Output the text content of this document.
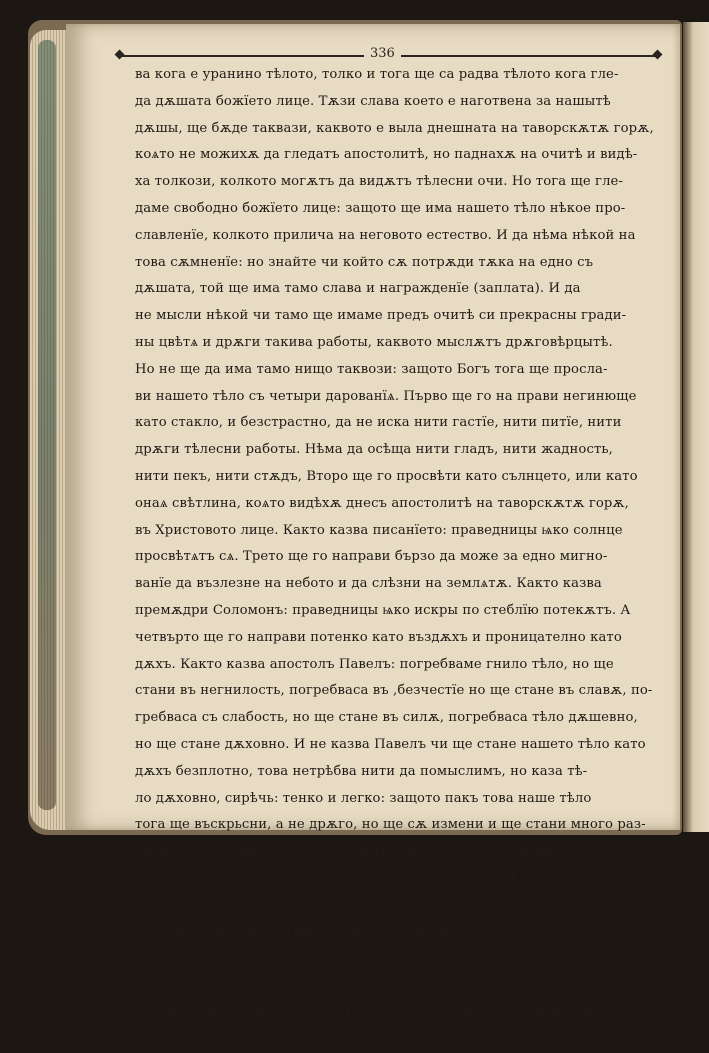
336
ва кога е уранино тѣлото, толко и тога ще са радва тѣлото кога гле-
да дѫшата божїето лице. Тѫзи слава което е наготвена за нашытѣ
дѫшы, ще бѫде таквази, каквото е выла днешната на таворскѫтѫ горѫ,
коѧто не можихѫ да гледатъ апостолитѣ, но паднахѫ на очитѣ и видѣ-
ха толкози, колкото могѫтъ да видѫтъ тѣлесни очи. Но тога ще гле-
даме свободно божїето лице: защото ще има нашето тѣло нѣкое про-
славленїе, колкото прилича на неговото естество. И да нѣма нѣкой на
това сѫмненїе: но знайте чи който сѫ потрѫди тѫка на едно съ
дѫшата, той ще има тамо слава и награжденїе (заплата). И да
не мысли нѣкой чи тамо ще имаме предъ очитѣ си прекрасны гради-
ны цвѣтѧ и дрѫги такива работы, каквото мыслѫтъ дрѫговѣрцытѣ.
Но не ще да има тамо нищо таквози: защото Богъ тога ще просла-
ви нашето тѣло съ четыри дарованїѧ. Първо ще го на прави негинюще
като стакло, и безстрастно, да не иска нити гастїе, нити питїе, нити
дрѫги тѣлесни работы. Нѣма да осѣща нити гладъ, нити жадность,
нити пекъ, нити стѫдъ, Второ ще го просвѣти като сълнцето, или като
онаѧ свѣтлина, коѧто видѣхѫ днесъ апостолитѣ на таворскѫтѫ горѫ,
въ Христовото лице. Както казва писанїето: праведницы ѩко солнце
просвѣтѧтъ сѧ. Трето ще го направи бързо да може за едно мигно-
ванїе да възлезне на небото и да слѣзни на землѧтѫ. Както казва
премѫдри Соломонъ: праведницы ѩко искры по стеблїю потекѫтъ. А
четвърто ще го направи потенко като въздѫхъ и проницателно като
дѫхъ. Както казва апостолъ Павелъ: погребваме гнило тѣло, но ще
стани въ негнилость, погребваса въ ,безчестїе но ще стане въ славѫ, по-
гребваса съ слабость, но ще стане въ силѫ, погребваса тѣло дѫшевно,
но ще стане дѫховно. И не казва Павелъ чи ще стане нашето тѣло като
дѫхъ безплотно, това нетрѣбва нити да помыслимъ, но каза тѣ-
ло дѫховно, сирѣчь: тенко и легко: защото пакъ това наше тѣло
тога ще въскрьсни, а не дрѫго, но ще сѫ измени и ще стани много раз-
лично отъ сегашното, колкото нити умъ може да постигни това.
Тога ще бѫде славѫ на нашатѫ дѫша и въ нашето тѣло ще сѫ изо-
брази приликата Христова: защото както сѫ облѣкохме въ образъ
перстнаго человѣка, тѫй ще сѫ облечеме и въ образъ невеснаго, сир-
ѣчь: както сме прилични тѫка на Адама, тѫй ще сме прилични
тамо на Христа. Понеже нашыѧ животъ е некото отъ тамо чекаме
и Христа, който ще преобрази нашето тѣло, и ще го уприличи на не-
говатѫ тѣлеснѫ славѫ.
